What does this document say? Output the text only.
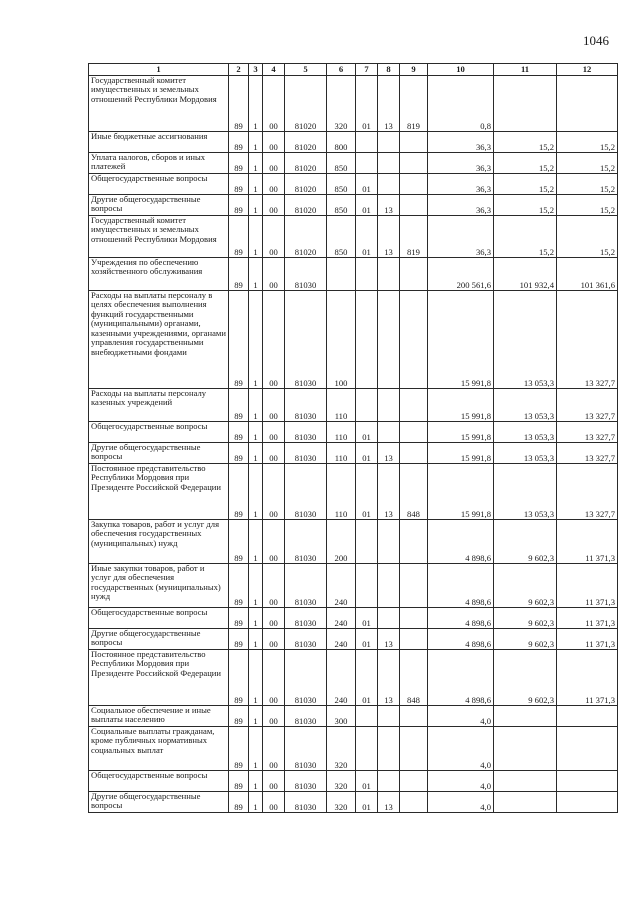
1046
1	2	3	4	5	6	7	8	9	10	11	12
Государственный комитет имущественных и земельных отношений Республики Мордовия	89	1	00	81020	320	01	13	819	0,8		
Иные бюджетные ассигнования	89	1	00	81020	800				36,3	15,2	15,2
Уплата налогов, сборов и иных платежей	89	1	00	81020	850				36,3	15,2	15,2
Общегосударственные вопросы	89	1	00	81020	850	01			36,3	15,2	15,2
Другие общегосударственные вопросы	89	1	00	81020	850	01	13		36,3	15,2	15,2
Государственный комитет имущественных и земельных отношений Республики Мордовия	89	1	00	81020	850	01	13	819	36,3	15,2	15,2
Учреждения по обеспечению хозяйственного обслуживания	89	1	00	81030					200 561,6	101 932,4	101 361,6
Расходы на выплаты персоналу в целях обеспечения выполнения функций государственными (муниципальными) органами, казенными учреждениями, органами управления государственными внебюджетными фондами	89	1	00	81030	100				15 991,8	13 053,3	13 327,7
Расходы на выплаты персоналу казенных учреждений	89	1	00	81030	110				15 991,8	13 053,3	13 327,7
Общегосударственные вопросы	89	1	00	81030	110	01			15 991,8	13 053,3	13 327,7
Другие общегосударственные вопросы	89	1	00	81030	110	01	13		15 991,8	13 053,3	13 327,7
Постоянное представительство Республики Мордовия при Президенте Российской Федерации	89	1	00	81030	110	01	13	848	15 991,8	13 053,3	13 327,7
Закупка товаров, работ и услуг для обеспечения государственных (муниципальных) нужд	89	1	00	81030	200				4 898,6	9 602,3	11 371,3
Иные закупки товаров, работ и услуг для обеспечения государственных (муниципальных) нужд	89	1	00	81030	240				4 898,6	9 602,3	11 371,3
Общегосударственные вопросы	89	1	00	81030	240	01			4 898,6	9 602,3	11 371,3
Другие общегосударственные вопросы	89	1	00	81030	240	01	13		4 898,6	9 602,3	11 371,3
Постоянное представительство Республики Мордовия при Президенте Российской Федерации	89	1	00	81030	240	01	13	848	4 898,6	9 602,3	11 371,3
Социальное обеспечение и иные выплаты населению	89	1	00	81030	300				4,0		
Социальные выплаты гражданам, кроме публичных нормативных социальных выплат	89	1	00	81030	320				4,0		
Общегосударственные вопросы	89	1	00	81030	320	01			4,0		
Другие общегосударственные вопросы	89	1	00	81030	320	01	13		4,0		
